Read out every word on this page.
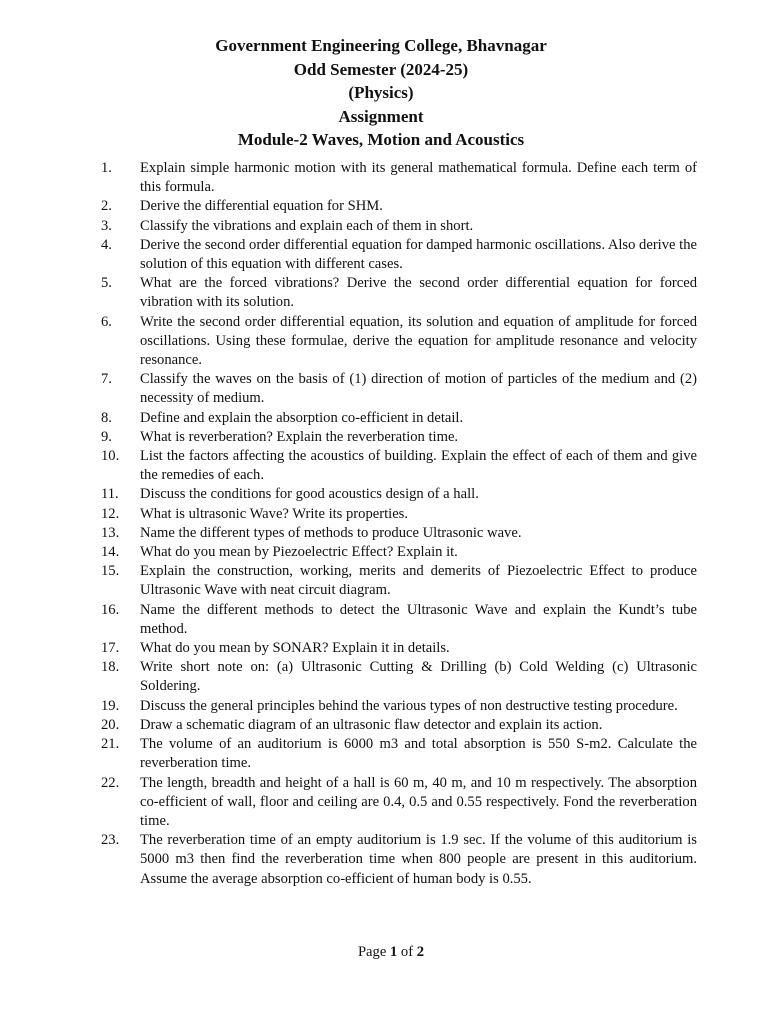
Government Engineering College, Bhavnagar
Odd Semester (2024-25)
(Physics)
Assignment
Module-2 Waves, Motion and Acoustics
1. Explain simple harmonic motion with its general mathematical formula. Define each term of this formula.
2. Derive the differential equation for SHM.
3. Classify the vibrations and explain each of them in short.
4. Derive the second order differential equation for damped harmonic oscillations. Also derive the solution of this equation with different cases.
5. What are the forced vibrations? Derive the second order differential equation for forced vibration with its solution.
6. Write the second order differential equation, its solution and equation of amplitude for forced oscillations. Using these formulae, derive the equation for amplitude resonance and velocity resonance.
7. Classify the waves on the basis of (1) direction of motion of particles of the medium and (2) necessity of medium.
8. Define and explain the absorption co-efficient in detail.
9. What is reverberation? Explain the reverberation time.
10. List the factors affecting the acoustics of building. Explain the effect of each of them and give the remedies of each.
11. Discuss the conditions for good acoustics design of a hall.
12. What is ultrasonic Wave? Write its properties.
13. Name the different types of methods to produce Ultrasonic wave.
14. What do you mean by Piezoelectric Effect? Explain it.
15. Explain the construction, working, merits and demerits of Piezoelectric Effect to produce Ultrasonic Wave with neat circuit diagram.
16. Name the different methods to detect the Ultrasonic Wave and explain the Kundt’s tube method.
17. What do you mean by SONAR? Explain it in details.
18. Write short note on: (a) Ultrasonic Cutting & Drilling (b) Cold Welding (c) Ultrasonic Soldering.
19. Discuss the general principles behind the various types of non destructive testing procedure.
20. Draw a schematic diagram of an ultrasonic flaw detector and explain its action.
21. The volume of an auditorium is 6000 m3 and total absorption is 550 S-m2. Calculate the reverberation time.
22. The length, breadth and height of a hall is 60 m, 40 m, and 10 m respectively. The absorption co-efficient of wall, floor and ceiling are 0.4, 0.5 and 0.55 respectively. Fond the reverberation time.
23. The reverberation time of an empty auditorium is 1.9 sec. If the volume of this auditorium is 5000 m3 then find the reverberation time when 800 people are present in this auditorium. Assume the average absorption co-efficient of human body is 0.55.
Page 1 of 2
